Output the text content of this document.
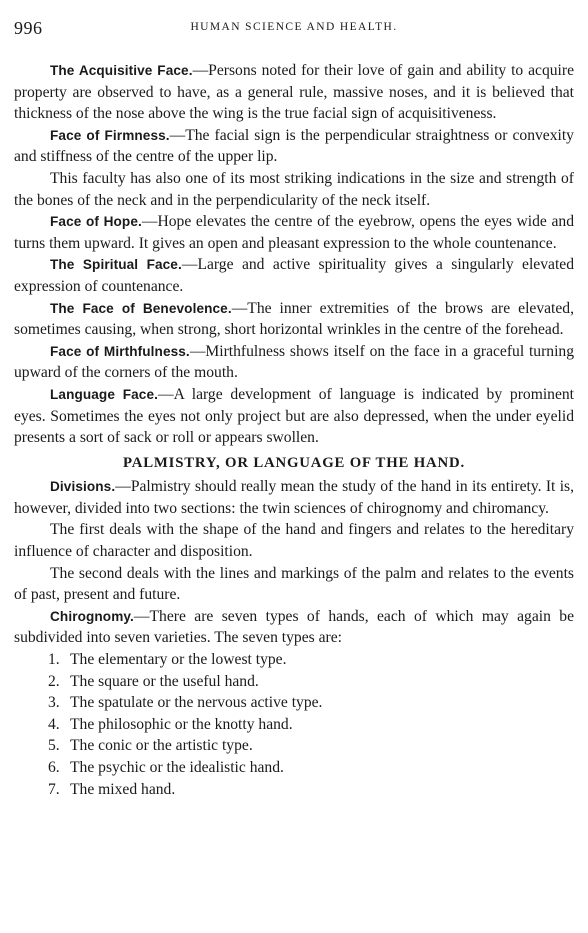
996	HUMAN SCIENCE AND HEALTH.

The Acquisitive Face.—Persons noted for their love of gain and ability to acquire property are observed to have, as a general rule, massive noses, and it is believed that thickness of the nose above the wing is the true facial sign of acquisitiveness.

Face of Firmness.—The facial sign is the perpendicular straightness or convexity and stiffness of the centre of the upper lip.

This faculty has also one of its most striking indications in the size and strength of the bones of the neck and in the perpendicularity of the neck itself.

Face of Hope.—Hope elevates the centre of the eyebrow, opens the eyes wide and turns them upward. It gives an open and pleasant expression to the whole countenance.

The Spiritual Face.—Large and active spirituality gives a singularly elevated expression of countenance.

The Face of Benevolence.—The inner extremities of the brows are elevated, sometimes causing, when strong, short horizontal wrinkles in the centre of the forehead.

Face of Mirthfulness.—Mirthfulness shows itself on the face in a graceful turning upward of the corners of the mouth.

Language Face.—A large development of language is indicated by prominent eyes. Sometimes the eyes not only project but are also depressed, when the under eyelid presents a sort of sack or roll or appears swollen.

PALMISTRY, OR LANGUAGE OF THE HAND.

Divisions.—Palmistry should really mean the study of the hand in its entirety. It is, however, divided into two sections: the twin sciences of chirognomy and chiromancy.

The first deals with the shape of the hand and fingers and relates to the hereditary influence of character and disposition.

The second deals with the lines and markings of the palm and relates to the events of past, present and future.

Chirognomy.—There are seven types of hands, each of which may again be subdivided into seven varieties. The seven types are:

1. The elementary or the lowest type.
2. The square or the useful hand.
3. The spatulate or the nervous active type.
4. The philosophic or the knotty hand.
5. The conic or the artistic type.
6. The psychic or the idealistic hand.
7. The mixed hand.
